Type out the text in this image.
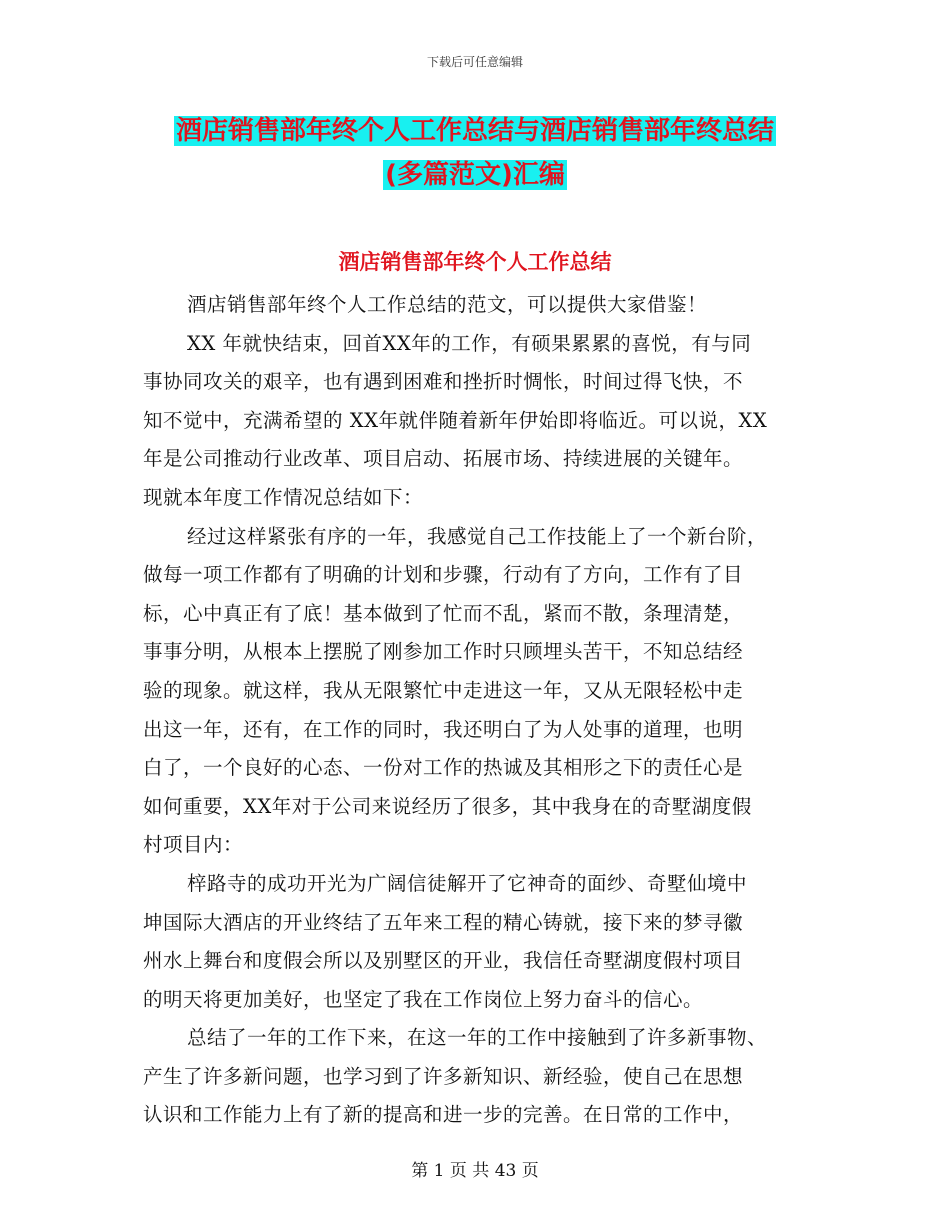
下载后可任意编辑
酒店销售部年终个人工作总结与酒店销售部年终总结
(多篇范文)汇编
酒店销售部年终个人工作总结
酒店销售部年终个人工作总结的范文，可以提供大家借鉴！
XX 年就快结束，回首XX年的工作，有硕果累累的喜悦，有与同
事协同攻关的艰辛，也有遇到困难和挫折时惆怅，时间过得飞快，不
知不觉中，充满希望的 XX年就伴随着新年伊始即将临近。可以说，XX
年是公司推动行业改革、项目启动、拓展市场、持续进展的关键年。
现就本年度工作情况总结如下：
经过这样紧张有序的一年，我感觉自己工作技能上了一个新台阶，
做每一项工作都有了明确的计划和步骤，行动有了方向，工作有了目
标，心中真正有了底！基本做到了忙而不乱，紧而不散，条理清楚，
事事分明，从根本上摆脱了刚参加工作时只顾埋头苦干，不知总结经
验的现象。就这样，我从无限繁忙中走进这一年，又从无限轻松中走
出这一年，还有，在工作的同时，我还明白了为人处事的道理，也明
白了，一个良好的心态、一份对工作的热诚及其相形之下的责任心是
如何重要，XX年对于公司来说经历了很多，其中我身在的奇墅湖度假
村项目内：
梓路寺的成功开光为广阔信徒解开了它神奇的面纱、奇墅仙境中
坤国际大酒店的开业终结了五年来工程的精心铸就，接下来的梦寻徽
州水上舞台和度假会所以及别墅区的开业，我信任奇墅湖度假村项目
的明天将更加美好，也坚定了我在工作岗位上努力奋斗的信心。
总结了一年的工作下来，在这一年的工作中接触到了许多新事物、
产生了许多新问题，也学习到了许多新知识、新经验，使自己在思想
认识和工作能力上有了新的提高和进一步的完善。在日常的工作中，
第 1 页 共 43 页
